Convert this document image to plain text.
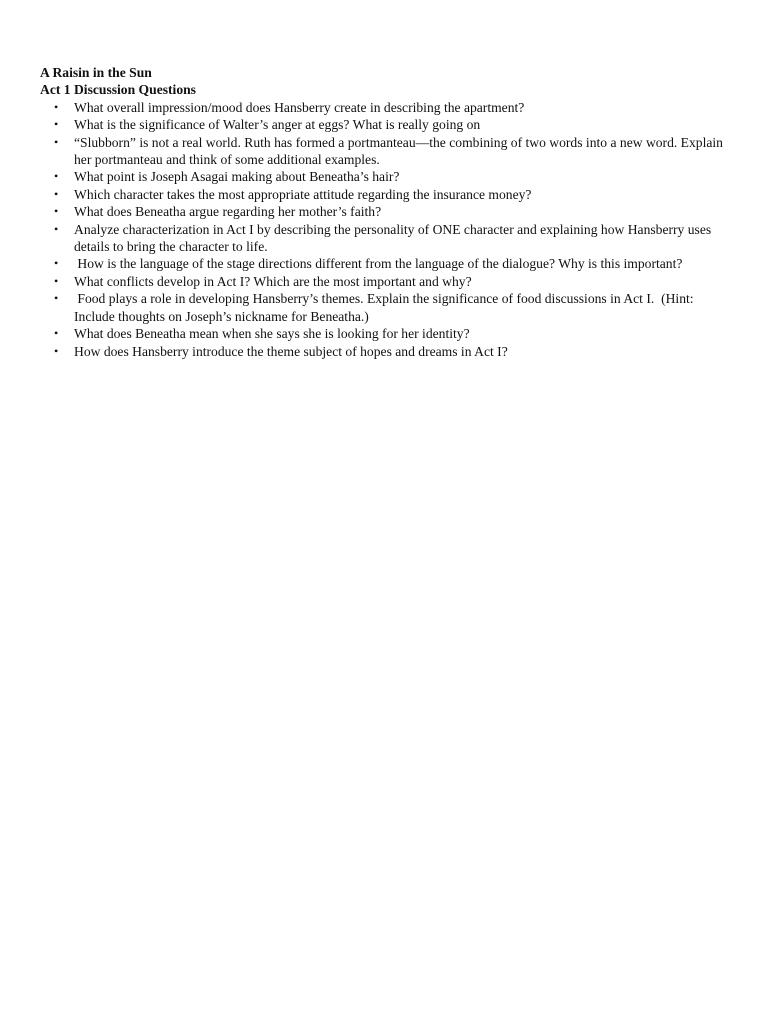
A Raisin in the Sun

Act 1 Discussion Questions

• What overall impression/mood does Hansberry create in describing the apartment?
• What is the significance of Walter’s anger at eggs? What is really going on
• “Slubborn” is not a real world. Ruth has formed a portmanteau—the combining of two words into a new word. Explain her portmanteau and think of some additional examples.
• What point is Joseph Asagai making about Beneatha’s hair?
• Which character takes the most appropriate attitude regarding the insurance money?
• What does Beneatha argue regarding her mother’s faith?
• Analyze characterization in Act I by describing the personality of ONE character and explaining how Hansberry uses details to bring the character to life.
• How is the language of the stage directions different from the language of the dialogue? Why is this important?
• What conflicts develop in Act I? Which are the most important and why?
• Food plays a role in developing Hansberry’s themes. Explain the significance of food discussions in Act I.  (Hint: Include thoughts on Joseph’s nickname for Beneatha.)
• What does Beneatha mean when she says she is looking for her identity?
• How does Hansberry introduce the theme subject of hopes and dreams in Act I?
